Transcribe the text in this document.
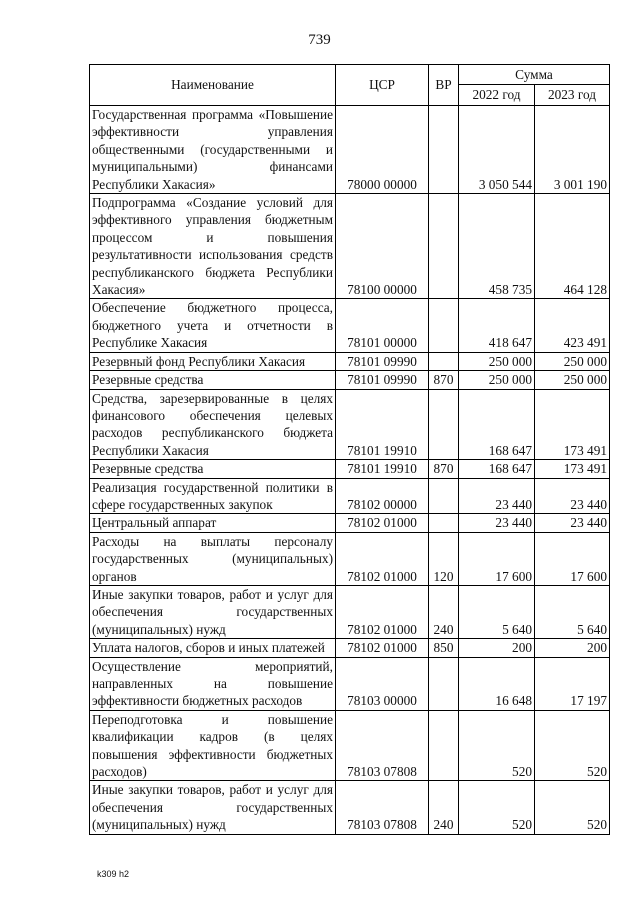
739
Наименование	ЦСР	ВР	Сумма	
			2022 год	2023 год
Государственная программа «Повышение эффективности управления общественными (государственными и муниципальными) финансами Республики Хакасия»	78000 00000		3 050 544	3 001 190
Подпрограмма «Создание условий для эффективного управления бюджетным процессом и повышения результативности использования средств республиканского бюджета Республики Хакасия»	78100 00000		458 735	464 128
Обеспечение бюджетного процесса, бюджетного учета и отчетности в Республике Хакасия	78101 00000		418 647	423 491
Резервный фонд Республики Хакасия	78101 09990		250 000	250 000
Резервные средства	78101 09990	870	250 000	250 000
Средства, зарезервированные в целях финансового обеспечения целевых расходов республиканского бюджета Республики Хакасия	78101 19910		168 647	173 491
Резервные средства	78101 19910	870	168 647	173 491
Реализация государственной политики в сфере государственных закупок	78102 00000		23 440	23 440
Центральный аппарат	78102 01000		23 440	23 440
Расходы на выплаты персоналу государственных (муниципальных) органов	78102 01000	120	17 600	17 600
Иные закупки товаров, работ и услуг для обеспечения государственных (муниципальных) нужд	78102 01000	240	5 640	5 640
Уплата налогов, сборов и иных платежей	78102 01000	850	200	200
Осуществление мероприятий, направленных на повышение эффективности бюджетных расходов	78103 00000		16 648	17 197
Переподготовка и повышение квалификации кадров (в целях повышения эффективности бюджетных расходов)	78103 07808		520	520
Иные закупки товаров, работ и услуг для обеспечения государственных (муниципальных) нужд	78103 07808	240	520	520
k309 h2
